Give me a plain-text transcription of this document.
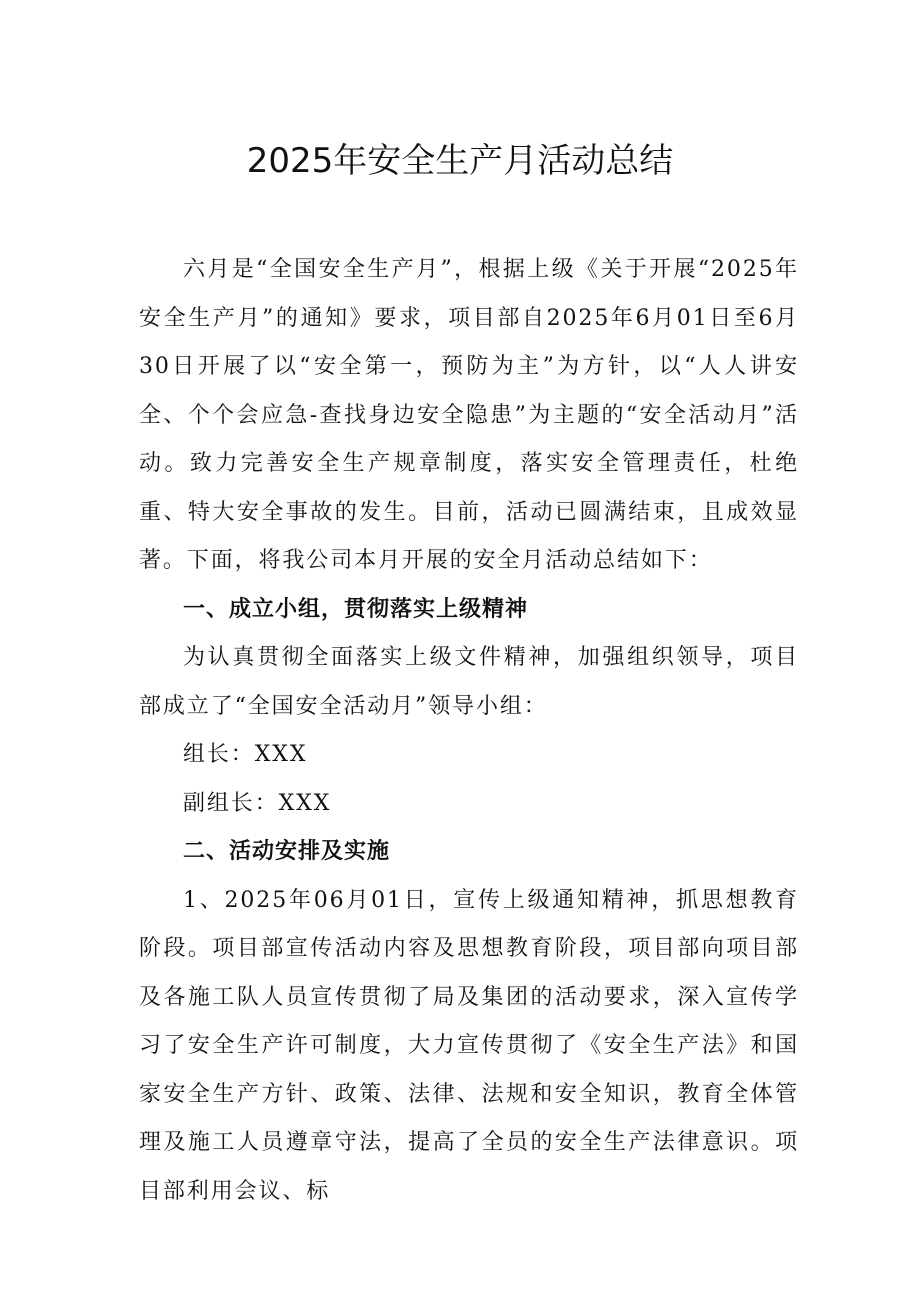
2025年安全生产月活动总结

六月是“全国安全生产月”，根据上级《关于开展“2025年安全生产月”的通知》要求，项目部自2025年6月01日至6月30日开展了以“安全第一，预防为主”为方针，以“人人讲安全、个个会应急-查找身边安全隐患”为主题的“安全活动月”活动。致力完善安全生产规章制度，落实安全管理责任，杜绝重、特大安全事故的发生。目前，活动已圆满结束，且成效显著。下面，将我公司本月开展的安全月活动总结如下：

一、成立小组，贯彻落实上级精神

为认真贯彻全面落实上级文件精神，加强组织领导，项目部成立了“全国安全活动月”领导小组：

组长：XXX

副组长：XXX

二、活动安排及实施

1、2025年06月01日，宣传上级通知精神，抓思想教育阶段。项目部宣传活动内容及思想教育阶段，项目部向项目部及各施工队人员宣传贯彻了局及集团的活动要求，深入宣传学习了安全生产许可制度，大力宣传贯彻了《安全生产法》和国家安全生产方针、政策、法律、法规和安全知识，教育全体管理及施工人员遵章守法，提高了全员的安全生产法律意识。项目部利用会议、标
